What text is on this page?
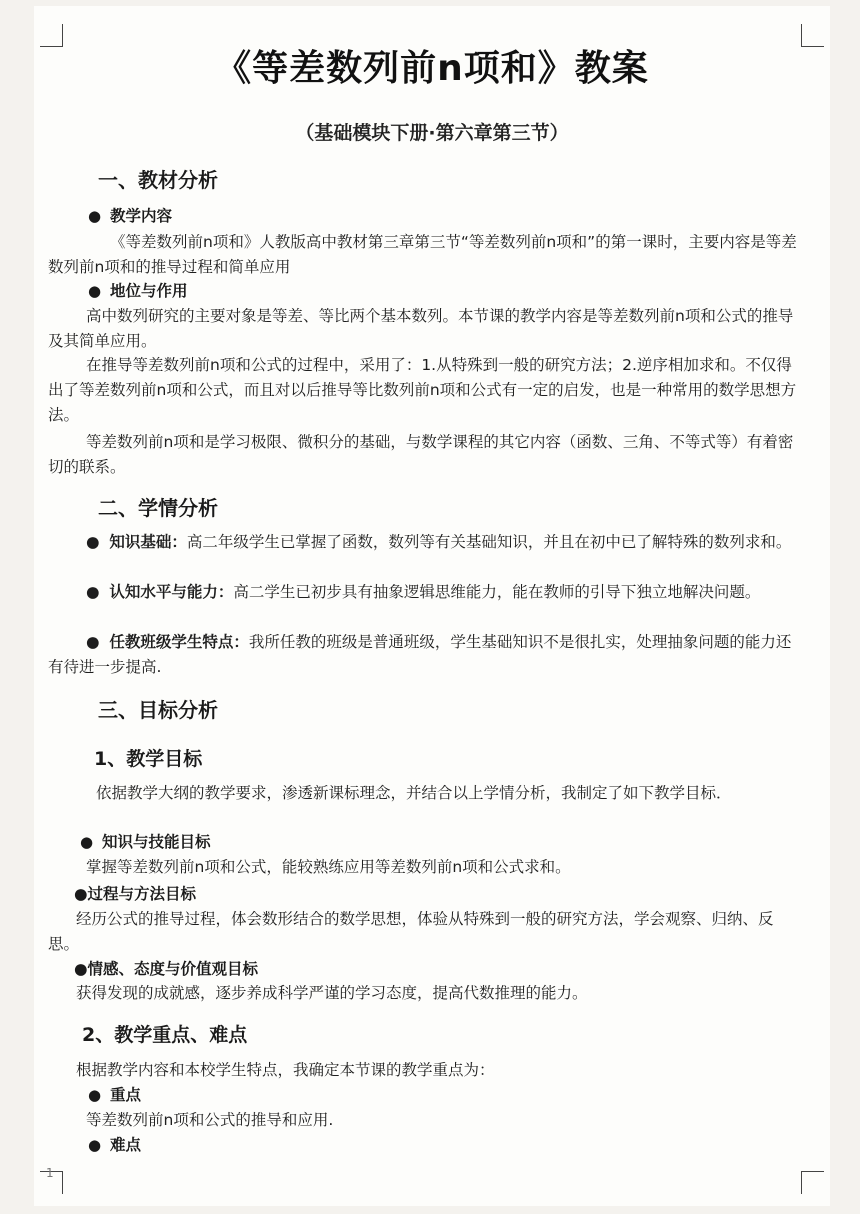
《等差数列前n项和》教案
（基础模块下册·第六章第三节）
一、教材分析
● 教学内容

《等差数列前n项和》人教版高中教材第三章第三节“等差数列前n项和”的第一课时，主要内容是等差数列前n项和的推导过程和简单应用

● 地位与作用

高中数列研究的主要对象是等差、等比两个基本数列。本节课的教学内容是等差数列前n项和公式的推导及其简单应用。

在推导等差数列前n项和公式的过程中，采用了：1.从特殊到一般的研究方法；2.逆序相加求和。不仅得出了等差数列前n项和公式，而且对以后推导等比数列前n项和公式有一定的启发，也是一种常用的数学思想方法。

等差数列前n项和是学习极限、微积分的基础，与数学课程的其它内容（函数、三角、不等式等）有着密切的联系。

二、学情分析

● 知识基础：高二年级学生已掌握了函数，数列等有关基础知识，并且在初中已了解特殊的数列求和。

● 认知水平与能力：高二学生已初步具有抽象逻辑思维能力，能在教师的引导下独立地解决问题。

● 任教班级学生特点：我所任教的班级是普通班级，学生基础知识不是很扎实，处理抽象问题的能力还有待进一步提高.

三、目标分析
1、教学目标

依据教学大纲的教学要求，渗透新课标理念，并结合以上学情分析，我制定了如下教学目标．

● 知识与技能目标

掌握等差数列前n项和公式，能较熟练应用等差数列前n项和公式求和。

●过程与方法目标

经历公式的推导过程，体会数形结合的数学思想，体验从特殊到一般的研究方法，学会观察、归纳、反思。

●情感、态度与价值观目标

获得发现的成就感，逐步养成科学严谨的学习态度，提高代数推理的能力。

2、教学重点、难点

根据教学内容和本校学生特点，我确定本节课的教学重点为：

● 重点

等差数列前n项和公式的推导和应用.

● 难点
1
